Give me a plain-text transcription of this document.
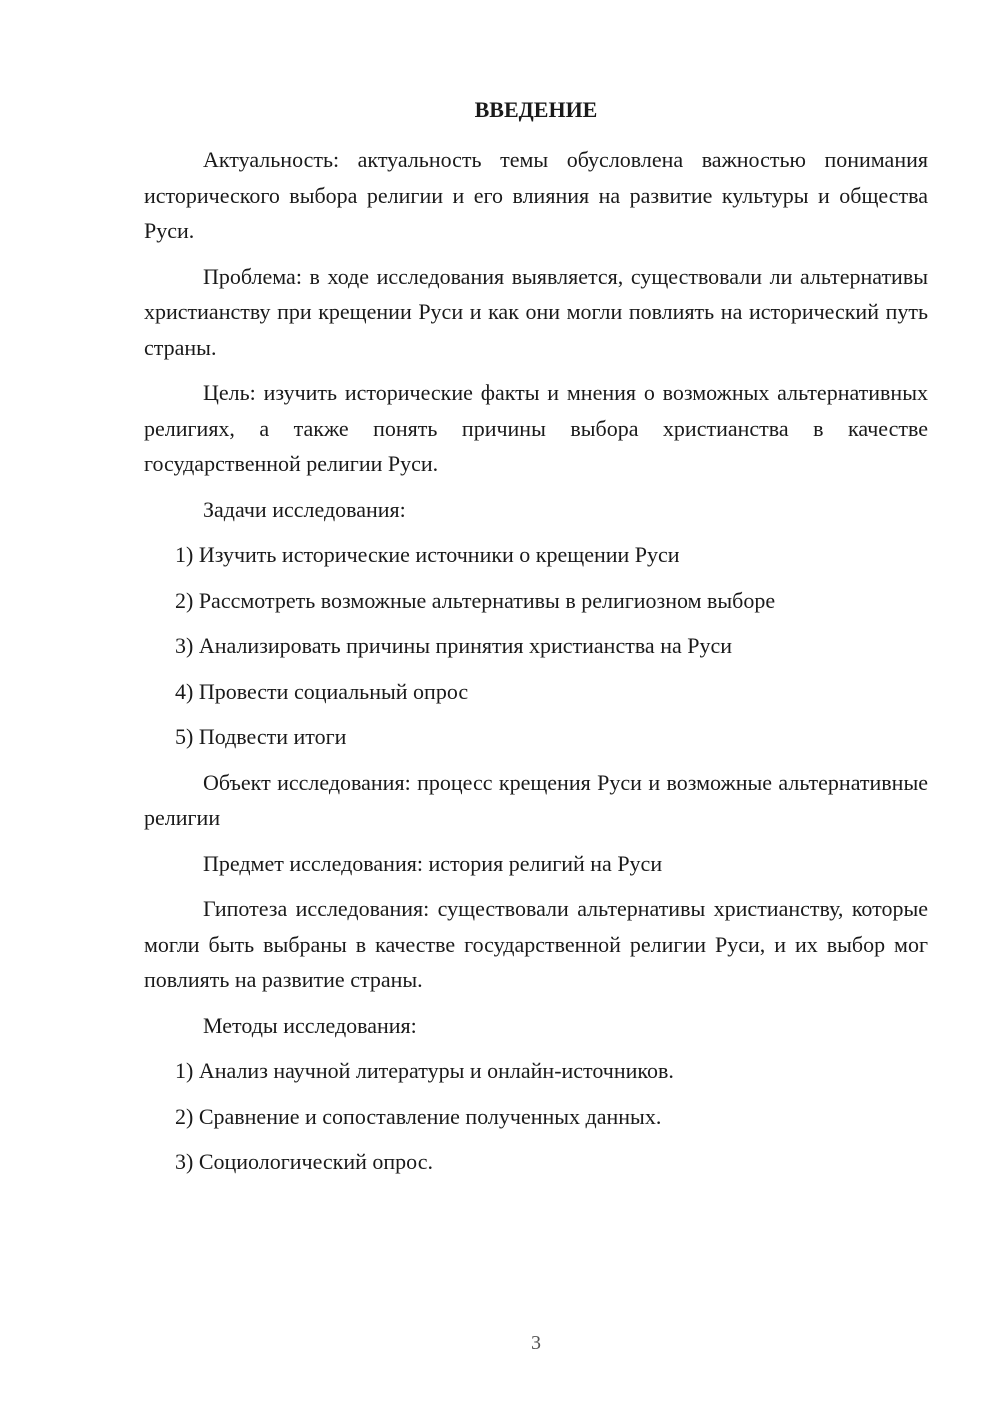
ВВЕДЕНИЕ

Актуальность: актуальность темы обусловлена важностью понимания исторического выбора религии и его влияния на развитие культуры и общества Руси.

Проблема: в ходе исследования выявляется, существовали ли альтернативы христианству при крещении Руси и как они могли повлиять на исторический путь страны.

Цель: изучить исторические факты и мнения о возможных альтернативных религиях, а также понять причины выбора христианства в качестве государственной религии Руси.

Задачи исследования:

1) Изучить исторические источники о крещении Руси

2) Рассмотреть возможные альтернативы в религиозном выборе

3) Анализировать причины принятия христианства на Руси

4) Провести социальный опрос

5) Подвести итоги

Объект исследования: процесс крещения Руси и возможные альтернативные религии

Предмет исследования: история религий на Руси

Гипотеза исследования: существовали альтернативы христианству, которые могли быть выбраны в качестве государственной религии Руси, и их выбор мог повлиять на развитие страны.

Методы исследования:

1) Анализ научной литературы и онлайн-источников.

2) Сравнение и сопоставление полученных данных.

3) Социологический опрос.

3
